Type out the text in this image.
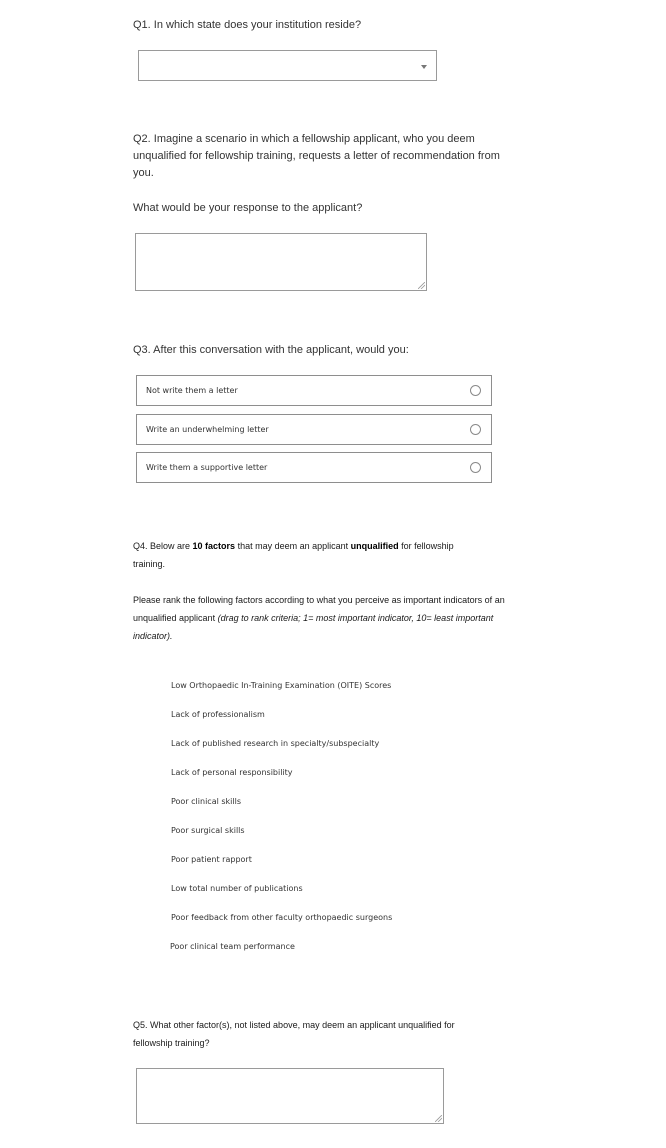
Q1. In which state does your institution reside?
Q2. Imagine a scenario in which a fellowship applicant, who you deem unqualified for fellowship training, requests a letter of recommendation from you.
What would be your response to the applicant?
Q3. After this conversation with the applicant, would you:
Not write them a letter
Write an underwhelming letter
Write them a supportive letter
Q4. Below are 10 factors that may deem an applicant unqualified for fellowship training.
Please rank the following factors according to what you perceive as important indicators of an unqualified applicant (drag to rank criteria; 1= most important indicator, 10= least important indicator).
Low Orthopaedic In-Training Examination (OITE) Scores
Lack of professionalism
Lack of published research in specialty/subspecialty
Lack of personal responsibility
Poor clinical skills
Poor surgical skills
Poor patient rapport
Low total number of publications
Poor feedback from other faculty orthopaedic surgeons
Poor clinical team performance
Q5. What other factor(s), not listed above, may deem an applicant unqualified for fellowship training?
